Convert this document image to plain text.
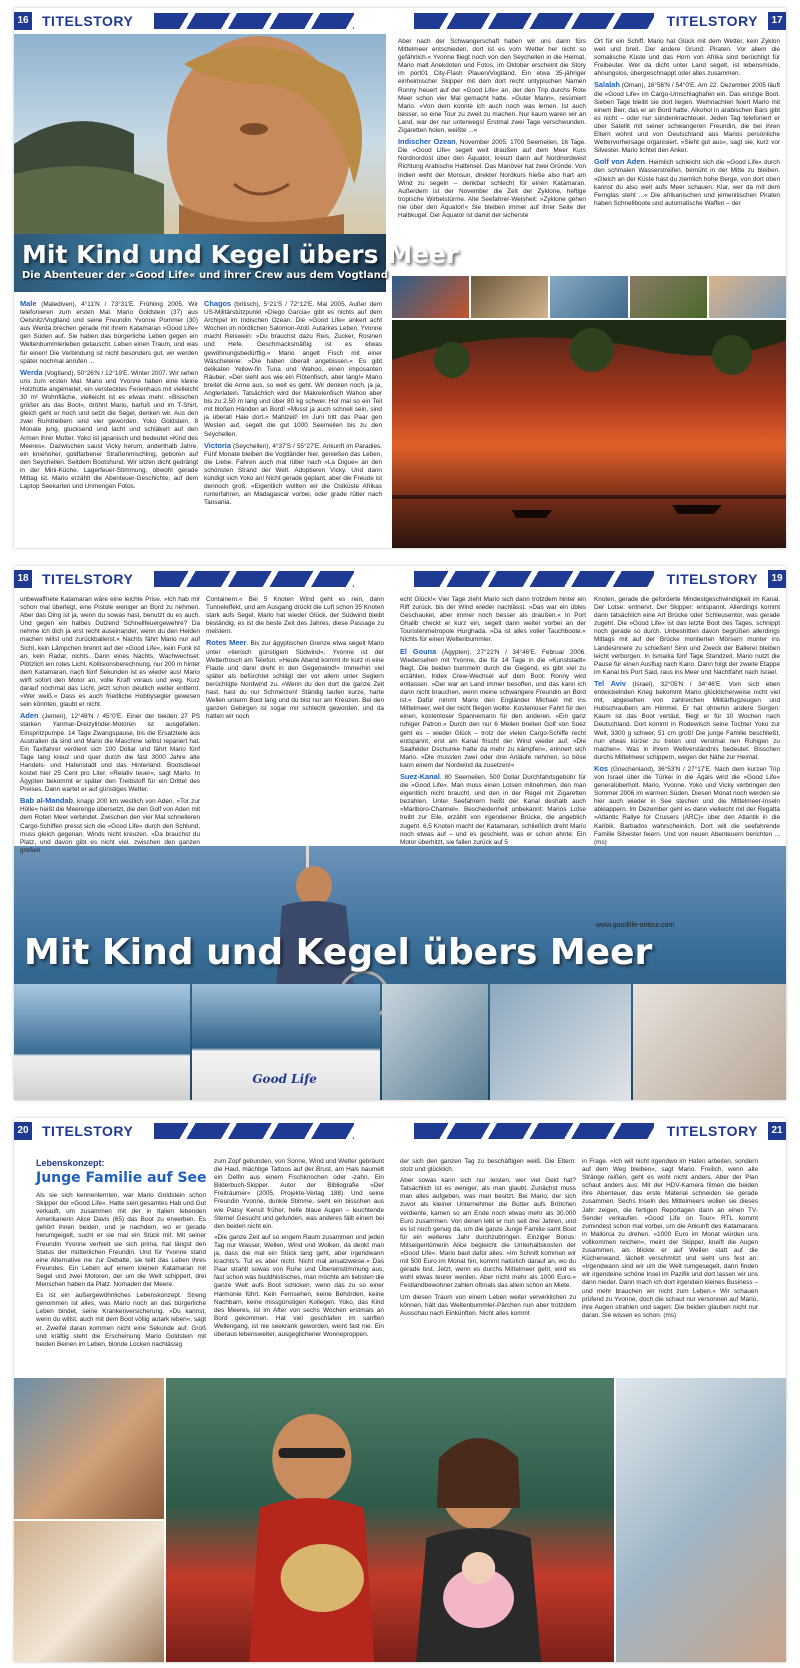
16 TITELSTORY	TITELSTORY	17
Mit Kind und Kegel übers Meer
Die Abenteuer der »Good Life« und ihrer Crew aus dem Vogtland

Male (Malediven), 4°11'N / 73°31'E. Frühling 2005. Wir telefonieren zum ersten Mal. Mario Goldstein (37) aus Oelsnitz/Vogtland und seine Freundin Yvonne Pommer (30) aus Werda brechen gerade mit ihrem Katamaran »Good Life« gen Süden auf. Sie haben das bürgerliche Leben gegen ein Weltenbummlerleben getauscht. Leben einen Traum, und was für einen! Die Verbindung ist nicht besonders gut, wir werden später nochmal anrufen ...

Werda (Vogtland), 50°26'N / 12°19'E. Winter 2007. Wir sehen uns zum ersten Mal. Mario und Yvonne haben eine kleine Holzhütte angemietet, ein verstecktes Ferienhaus mit vielleicht 30 m² Wohnfläche, vielleicht ist es etwas mehr. »Bisschen größer als das Boot«, dröhnt Mario, barfuß und im T-Shirt, gleich geht er hoch und setzt die Segel, denken wir. Aus den zwei Rumtreibern sind vier geworden. Yoko Goldstein, 8 Monate jung, glucksend und lacht und schläkert auf den Armen ihrer Mutter. Yoko ist japanisch und bedeutet »Kind des Meeres«. Dazwischen saust Vicky herum, anderthalb Jahre, ein kniehoher, goldfarbener Straßenmischling, geboren auf den Seychellen. Seitdem Bootshund. Wir sitzen dicht gedrängt in der Mini-Küche. Lagerfeuer-Stimmung, obwohl gerade Mittag ist. Mario erzählt die Abenteuer-Geschichte, auf dem Laptop Seekarten und Unmengen Fotos.

Chagos (britisch), 5°21'S / 72°12'E. Mai 2005. Außer dem US-Militärstützpunkt »Diego Garcia« gibt es nichts auf dem Archipel im Indischen Ozean. Die »Good Life« ankert acht Wochen im nördlichen Salomon-Atoll. Autarkes Leben. Yvonne macht Reiswein: »Du brauchst dazu Reis, Zucker, Rosinen und Hefe. Geschmacksmäßig ist es etwas gewöhnungsbedürftig.« Mario angelt Fisch mit einer Wäscheleine: »Die haben überall angebissen.« Es gibt delikaten Yellow-fin Tuna und Wahoo, einen imposanten Räuber. »Der sieht aus wie ein Flötenfisch, aber lang!« Mario breitet die Arme aus, so weit es geht. Wir denken noch, ja ja, Anglerlatein. Tatsächlich wird der Makrelenfisch Wahoo aber bis zu 2,50 m lang und über 80 kg schwer. Hol mal so ein Teil mit bloßen Händen an Bord! »Musst ja auch schnell sein, sind ja überall Haie dort.« Mahlzeit! Im Juni tritt das Paar gen Westen auf, segelt die gut 1000 Seemeilen bis zu den Seychellen.

Victoria (Seychellen), 4°37'S / 55°27'E. Ankunft im Paradies. Fünf Monate bleiben die Vogtländer hier, genießen das Leben, die Liebe. Fahren auch mal rüber nach »La Digue« an den schönsten Strand der Welt. Adoptieren Vicky. Und dann kündigt sich Yoko an! Nicht gerade geplant, aber die Freude ist dennoch groß. »Eigentlich wollten wir die Ostküste Afrikas runterfahren, an Madagascar vorbei, oder grade rüber nach Tansania.

Aber nach der Schwangerschaft haben wir uns dann fürs Mittelmeer entschieden, dort ist es vom Wetter her nicht so gefährlich.« Yvonne fliegt noch von den Seychellen in die Heimat, Mario malt Anekdoten und Fotos, im Oktober erscheint die Story im port01 City-Flash Plauen/Vogtland. Ein etwa 35-jähriger einheimischer Skipper mit dem dort recht untypischen Namen Ronny heuert auf der »Good Life« an, der den Trip durchs Rote Meer schon vier Mal gemacht hatte. »Guter Mann«, resümiert Mario. »Von dem konnte ich auch noch was lernen. Ist auch besser, so eine Tour zu zweit zu machen. Nur kaum waren wir an Land, war der nur unterwegs! Erstmal zwei Tage verschwunden. Zigaretten holen, weißte ...«

Indischer Ozean, November 2005. 1700 Seemeilen, 16 Tage. Die »Good Life« segelt weit draußen auf dem Meer Kurs Nordnordost über den Äquator, kreuzt dann auf Nordnordwest Richtung Arabische Halbinsel. Das Manöver hat zwei Gründe: Von Indien weht der Monsun, direkter Nordkurs hieße also hart am Wind zu segeln – denkbar schlecht für einen Katamaran. Außerdem ist der November die Zeit der Zyklone, heftige tropische Wirbelstürme. Alte Seefahrer-Weisheit: »Zyklone gehen nie über den Äquator!« Sie bleiben immer auf ihrer Seite der Halbkugel. Der Äquator ist damit der sicherste

Ort für ein Schiff. Mario hat Glück mit dem Wetter, kein Zyklon weit und breit. Der andere Grund: Piraten. Vor allem die somalische Küste und das Horn von Afrika sind berüchtigt für Freibeuter. Wer da dicht unter Land segelt, ist lebensmüde, ahnungslos, übergeschnappt oder alles zusammen.

Salalah (Oman), 16°56'N / 54°0'E. Am 22. Dezember 2005 läuft die »Good Life« im Cargo-Umschlaghafen ein. Das einzige Boot. Sieben Tage bleibt sie dort liegen. Weihnachten feiert Mario mit einem Bier, das er an Bord hatte. Alkohol in arabischen Bars gibt es nicht – oder nur sündenkrachteuer. Jeden Tag telefoniert er über Satellit mit seiner schwangeren Freundin, die bei ihren Eltern wohnt und von Deutschland aus Marios persönliche Wettervorhersage organisiert. »Sieht gut aus«, sagt sie, kurz vor Silvester. Mario lichtet den Anker.

Golf von Aden. Heimlich schleicht sich die »Good Life« durch den schmalen Wasserstreifen, bemüht in der Mitte zu bleiben. »Gleich an der Küste hast du ziemlich hohe Berge, von dort oben kannst du also weit aufs Meer schauen. Klar, wer da mit dem Fernglas steht ...« Die afrikanischen und jemenitischen Piraten haben Schnellboote und automatische Waffen – der

18 TITELSTORY	TITELSTORY	19

unbewaffnete Katamaran wäre eine leichte Prise. »Ich hab mir schon mal überlegt, eine Pistole weniger an Bord zu nehmen. Aber das Ding ist ja, wenn du sowas hast, benutzt du es auch. Und gegen ein halbes Dutzend Schnellfeuergewehre? Da nehme ich dich ja erst recht auseinander, wenn du den Helden machen willst und zurückballerst.« Nachts fährt Mario nur auf Sicht, kein Lämpchen brennt auf der »Good Life«, kein Funk ist an, kein Radar, nichts. Dann eines Nachts, Wachwechsel: Plötzlich ein rotes Licht. Kollisionsberechnung, nur 200 m hinter dem Katamaran, nach fünf Sekunden ist es wieder aus! Mario wirft sofort den Motor an, volle Kraft voraus und weg. Kurz darauf nochmal das Licht, jetzt schon deutlich weiter entfernt. »Wer weiß.« Dass es auch friedliche Hobbysegler gewesen sein könnten, glaubt er nicht.

Aden (Jemen), 12°48'N / 45°0'E. Einer der beiden 27 PS starken Yanmar-Dreizylinder-Motoren ist ausgefallen. Einspritzpumpe. 14 Tage Zwangspause, bis die Ersatzteile aus Australien da sind und Mario die Maschine selbst repariert hat. Ein Taxifahrer verdient sich 100 Dollar und fährt Mario fünf Tage lang kreuz und quer durch die fast 3000 Jahre alte Handels- und Hafenstadt und das Hinterland. Bootsdiesel kostet hier 25 Cent pro Liter. »Relativ teuer«, sagt Mario. In Ägypten bekommt er später den Treibstoff für ein Drittel des Preises. Dann wartet er auf günstiges Wetter.

Bab al-Mandab, knapp 200 km westlich von Aden. »Tor zur Hölle« heißt die Meerenge übersetzt, die den Golf von Aden mit dem Roten Meer verbindet. Zwischen den vier Mal schnelleren Cargo-Schiffen presst sich die »Good Life« durch den Schlund, muss gleich gegenan. Winds nicht kreuzen. »Da brauchst du Platz, und davon gibt es nicht viel, zwischen den ganzen großen

Containern.« Bei 5 Knoten Wind geht es rein, dann Tunneleffekt, und am Ausgang drückt die Luft schon 35 Knoten stark aufs Segel. Mario hat wieder Glück, der Südwind bleibt beständig, es ist die beste Zeit des Jahres, diese Passage zu meistern.

Rotes Meer. Bis zur ägyptischen Grenze etwa segelt Mario unter »tierisch günstigem Südwind«. Yvonne ist der Wetterfrosch am Telefon: »Heute Abend kommt ihr kurz in eine Flaute und dann dreht in den Gegenwind!« Immerhin viel später als befürchtet schlägt der vor allem unter Seglern berüchtigte Nordwind zu. »Wenn du den dort die ganze Zeit hast, hast du nur Schmerzen! Ständig laufen kurze, harte Wellen unterm Boot lang und du bist nur am Kreuzen. Bei den ganzen Gebirgen ist sogar mir schlecht geworden, und da hatten wir noch

echt Glück!« Vier Tage zieht Mario sich dann trotzdem hinter ein Riff zurück, bis der Wind wieder nachlässt. »Das war ein übles Geschaukel, aber immer noch besser als draußen.« In Port Ghalib checkt er kurz ein, segelt dann weiter vorbei an der Touristenmetropole Hurghada. »Da ist alles voller Tauchboote.« Nichts für einen Weltenbummler.

El Gouna (Ägypten), 27°22'N / 34°46'E. Februar 2006. Wiedersehen mit Yvonne, die für 14 Tage in die »Kunststadt« fliegt. Die beiden bummeln durch die Gegend, es gibt viel zu erzählen. Index Crew-Wechsel auf dem Boot: Ronny wird entlassen. »Der war an Land immer besoffen, und das kann ich dann nicht brauchen, wenn meine schwangere Freundin an Bord ist.« Dafür nimmt Mario den Engländer Michael mit ins Mittelmeer, weil der nicht fliegen wollte. Kostenloser Fahrt für den einen, kostenloser Spannemann für den anderen. »Ein ganz ruhiger Patron.« Durch den nur 6 Meilen breiten Golf von Suez geht es – wieder Glück – trotz der vielen Cargo-Schiffe recht entspannt, erst am Kanal frischt der Wind wieder auf. »Die Saalfelder Dschunke hatte da mehr zu kämpfen«, erinnert sich Mario. »Die mussten zwei oder drei Anläufe nehmen, so böse kann einem der Nordwind da zusetzen!«

Suez-Kanal. 80 Seemeilen, 500 Dollar Durchfahrtsgebühr für die »Good Life«. Man muss einen Lotsen mitnehmen, den man eigentlich nicht braucht, und den in der Regel mit Zigaretten bezahlen. Unter Seefahrern heißt der Kanal deshalb auch »Marlboro-Channel«. Bescheidenheit unbekannt: Marios Lotse treibt zur Eile, erzählt von irgendeiner Brücke, die angeblich zugeht. 6,5 Knoten macht der Katamaran, schließlich dreht Mario noch etwas auf – und es geschieht, was er schon ahnte: Ein Motor überhitzt, sie fallen zurück auf 5

Knoten, gerade die geforderte Mindestgeschwindigkeit im Kanal. Der Lotse: entnervt. Der Skipper: entspannt. Allerdings kommt dann tatsächlich eine Art Brücke oder Schleusentor, was gerade zugeht. Die »Good Life« ist das letzte Boot des Tages, schnippt noch gerade so durch. Unbestritten davon begrüßen allerdings Mittags mit auf der Brücke montierten Mörsern munter ins Landesinnere zu schießen! Sinn und Zweck der Ballerei bleiben leicht verborgen. In Ismailia fünf Tage Standzeit. Mario nutzt die Pause für einen Ausflug nach Kairo. Dann folgt der zweite Etappe im Kanal bis Port Said, raus ins Meer und Nachtfahrt nach Israel.

Tel Aviv (Israel), 32°05'N / 34°46'E. Vom sich eben entwickelnden Krieg bekommt Mario glücklicherweise nicht viel mit, abgesehen von zahlreichen Militärflugzeugen und Hubschraubern am Himmel. Er hat ohnehin andere Sorgen: Kaum ist das Boot vertäut, fliegt er für 10 Wochen nach Deutschland. Dort kommt in Rodewisch seine Tochter Yoko zur Welt, 3300 g schwer, 51 cm groß! Die junge Familie beschließt, nun etwas kürzer zu treten und verstmal nen Ruhigen zu machen«. Was in ihrem Weltverständnis bedeutet: Bisschen durchs Mittelmeer schippern, wegen der Nähe zur Heimat.

Kos (Griechenland), 36°53'N / 27°17'E. Nach dem kurzen Trip von Israel über die Türkei in die Ägäis wird die »Good Life« generalüberholt. Mario, Yvonne, Yoko und Vicky verbringen den Sommer 2006 im warmen Süden. Diesen Monat noch werden sie hier auch wieder in See stechen und die Mittelmeer-Inseln abklappern. Im Dezember geht es dann vielleicht mit der Regatta »Atlantic Rallye for Cruisers (ARC)« über den Atlantik in die Karibik. Barbados wahrscheinlich. Dort will die seefahrende Familie Silvester feiern. Und von neuen Abenteuern berichten ... (ms)

www.goodlife-ontour.com
Mit Kind und Kegel übers Meer
Good Life
20 TITELSTORY	TITELSTORY	21
Lebenskonzept:
Junge Familie auf See

Als sie sich kennenlernten, war Mario Goldstein schon Skipper der »Good Life«. Hatte sein gesamtes Hab und Gut verkauft, um zusammen mit der in Italien lebenden Amerikanerin Alice Davis (65) das Boot zu erwerben. Es gehört ihnen beiden, und je nachdem, wo er gerade herumgeigelt, sucht er sie mal ein Stück mit. Mit seiner Freundin Yvonne verhielt sie sich prima, hat längst den Status der mütterlichen Freundin. Und für Yvonne stand eine Alternative nie zur Debatte, sie teilt das Leben ihres Freundes. Ein Leben auf einem kleinen Katamaran mit Segel und zwei Motoren, der um die Welt schippert, drei Menschen haben da Platz. Nomaden der Meere.

Es ist ein außergewöhnliches Lebenskonzept. Streng genommen ist alles, was Mario noch an das bürgerliche Leben bindet, seine Krankenversicherung. »Du kannst, wenn du willst, auch mit dem Boot völlig autark leben«, sagt er. Zweifel daran kommen nicht eine Sekunde auf. Groß und kräftig steht die Erscheinung Mario Goldstein mit beiden Beinen im Leben, blonde Locken nachlässig

zum Zopf gebunden, von Sonne, Wind und Wetter gebräunt die Haut, mächtige Tattoos auf der Brust, am Hals baumelt ein Delfin aus einem Fischknochen oder -zahn. Ein Bilderbuch-Skipper. Autor der Bibliografie »Der Freiträumer« (2005, Projekte-Verlag 188). Und seine Freundin Yvonne, dunkle Stimme, sieht ein bisschen aus wie Patsy Kensit früher, helle blaue Augen – leuchtende Sterne! Gesucht und gefunden, was anderes fällt einem bei den beiden nicht ein.

»Die ganze Zeit auf so engem Raum zusammen und jeden Tag nur Wasser, Wellen, Wind und Wolken, da denkt man ja, dass die mal ein Stück lang geht, aber irgendwann krachts's. Tut es aber nicht. Nicht mal ansatzweise.« Das Paar strahlt sowas von Ruhe und Übereinstimmung aus, fast schon was buddhistisches, man möchte am liebsten die ganze Welt aufs Boot schicken, wenn das zu so einer Harmonie führt. Kein Fernsehen, keine Behörden, keine Nachbarn, keine missgünstigen Kollegen. Yoko, das Kind des Meeres, ist im After von sechs Wochen erstmals an Bord gekommen. Hat viel geschlafen im sanften Wellengang, ist nie seekrank geworden, weint fast nie. Ein überaus lebensweiter, ausgeglichener Wonneproppen.

der sich den ganzen Tag zu beschäftigen weiß. Die Eltern: stolz und glücklich.

Aber sowas kann sich nur leisten, wer viel Geld hat? Tatsächlich ist es weniger, als man glaubt. Zunächst muss man alles aufgeben, was man besitzt. Bei Mario, der sich zuvor als kleiner Unternehmer die Butter aufs Brötchen verdiente, kamen so am Ende noch etwas mehr als 30.000 Euro zusammen. Von denen lebt er nun seit drei Jahren, und es ist noch genug da, um die ganze Junge Familie samt Boot für ein weiteres Jahr durchzubringen. Einziger Bonus: Mitseigentümerin Alice begleicht die Unterhaltskosten der »Good Life«. Mario baut dafür alles. »Im Schnitt kommen wir mit 500 Euro im Monat hin, kommt natürlich darauf an, wo du gerade bist. Jetzt, wenn es durchs Mittelmeer geht, wird es wohl etwas teurer werden. Aber nicht mehr als 1000 Euro.« Festlandbewohner zahlen oftmals das allein schon an Miete.

Um diesen Traum von einem Leben weiter verwirklichen zu können, hält das Weltenbummler-Pärchen nun aber trotzdem Ausschau nach Einkünften. Nicht alles kommt

in Frage. »Ich will nicht irgendwo im Hafen arbeiten, sondern auf dem Weg bleiben«, sagt Mario. Freilich, wenn alle Stränge reißen, geht es wohl nicht anders. Aber der Plan schaut anders aus: Mit der HDV-Kamera filmen die beiden ihre Abenteuer, das erste Material schneiden sie gerade zusammen. Sechs Inseln des Mittelmeers wollen sie dieses Jahr zeigen, die fertigen Reportagen dann an einen TV-Sender verkaufen. »Good Life on Tour« RTL kommt zumindest schon mal vorbei, um die Ankunft des Katamarans in Mallorca zu drehen. »1000 Euro im Monat würden uns vollkommen reichen«, meint der Skipper, kneift die Augen zusammen, als blickte er auf Wellen statt auf die Küchenwand, lächelt verschmitzt und sieht uns fest an: »Irgendwann sind wir um die Welt rumgesegelt, dann finden wir irgendeine schöne Insel im Pazifik und dort lassen wir uns dann nieder. Dann mach ich dort irgendein kleines Business – und mehr brauchen wir nicht zum Leben.« Wir schauen prüfend zu Yvonne, doch die schaut nur versonnen auf Mario, ihre Augen strahlen und sagen: Die beiden glauben nicht nur daran. Sie wissen es schon. (ms)
